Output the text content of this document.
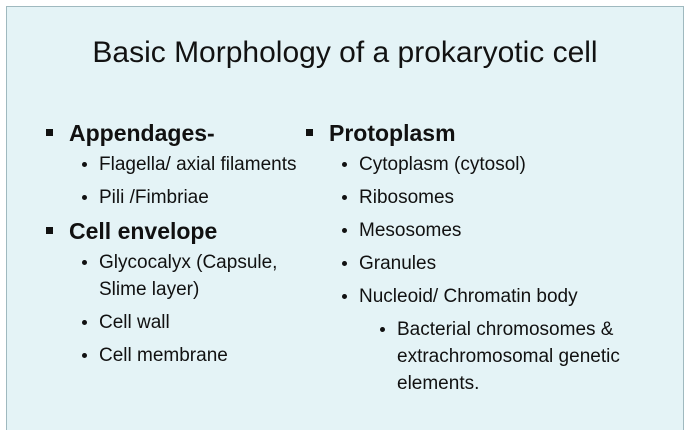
Basic Morphology of a prokaryotic cell
Appendages-
Flagella/ axial filaments
Pili /Fimbriae
Cell envelope
Glycocalyx (Capsule, Slime layer)
Cell wall
Cell membrane
Protoplasm
Cytoplasm (cytosol)
Ribosomes
Mesosomes
Granules
Nucleoid/ Chromatin body
Bacterial chromosomes & extrachromosomal genetic elements.
